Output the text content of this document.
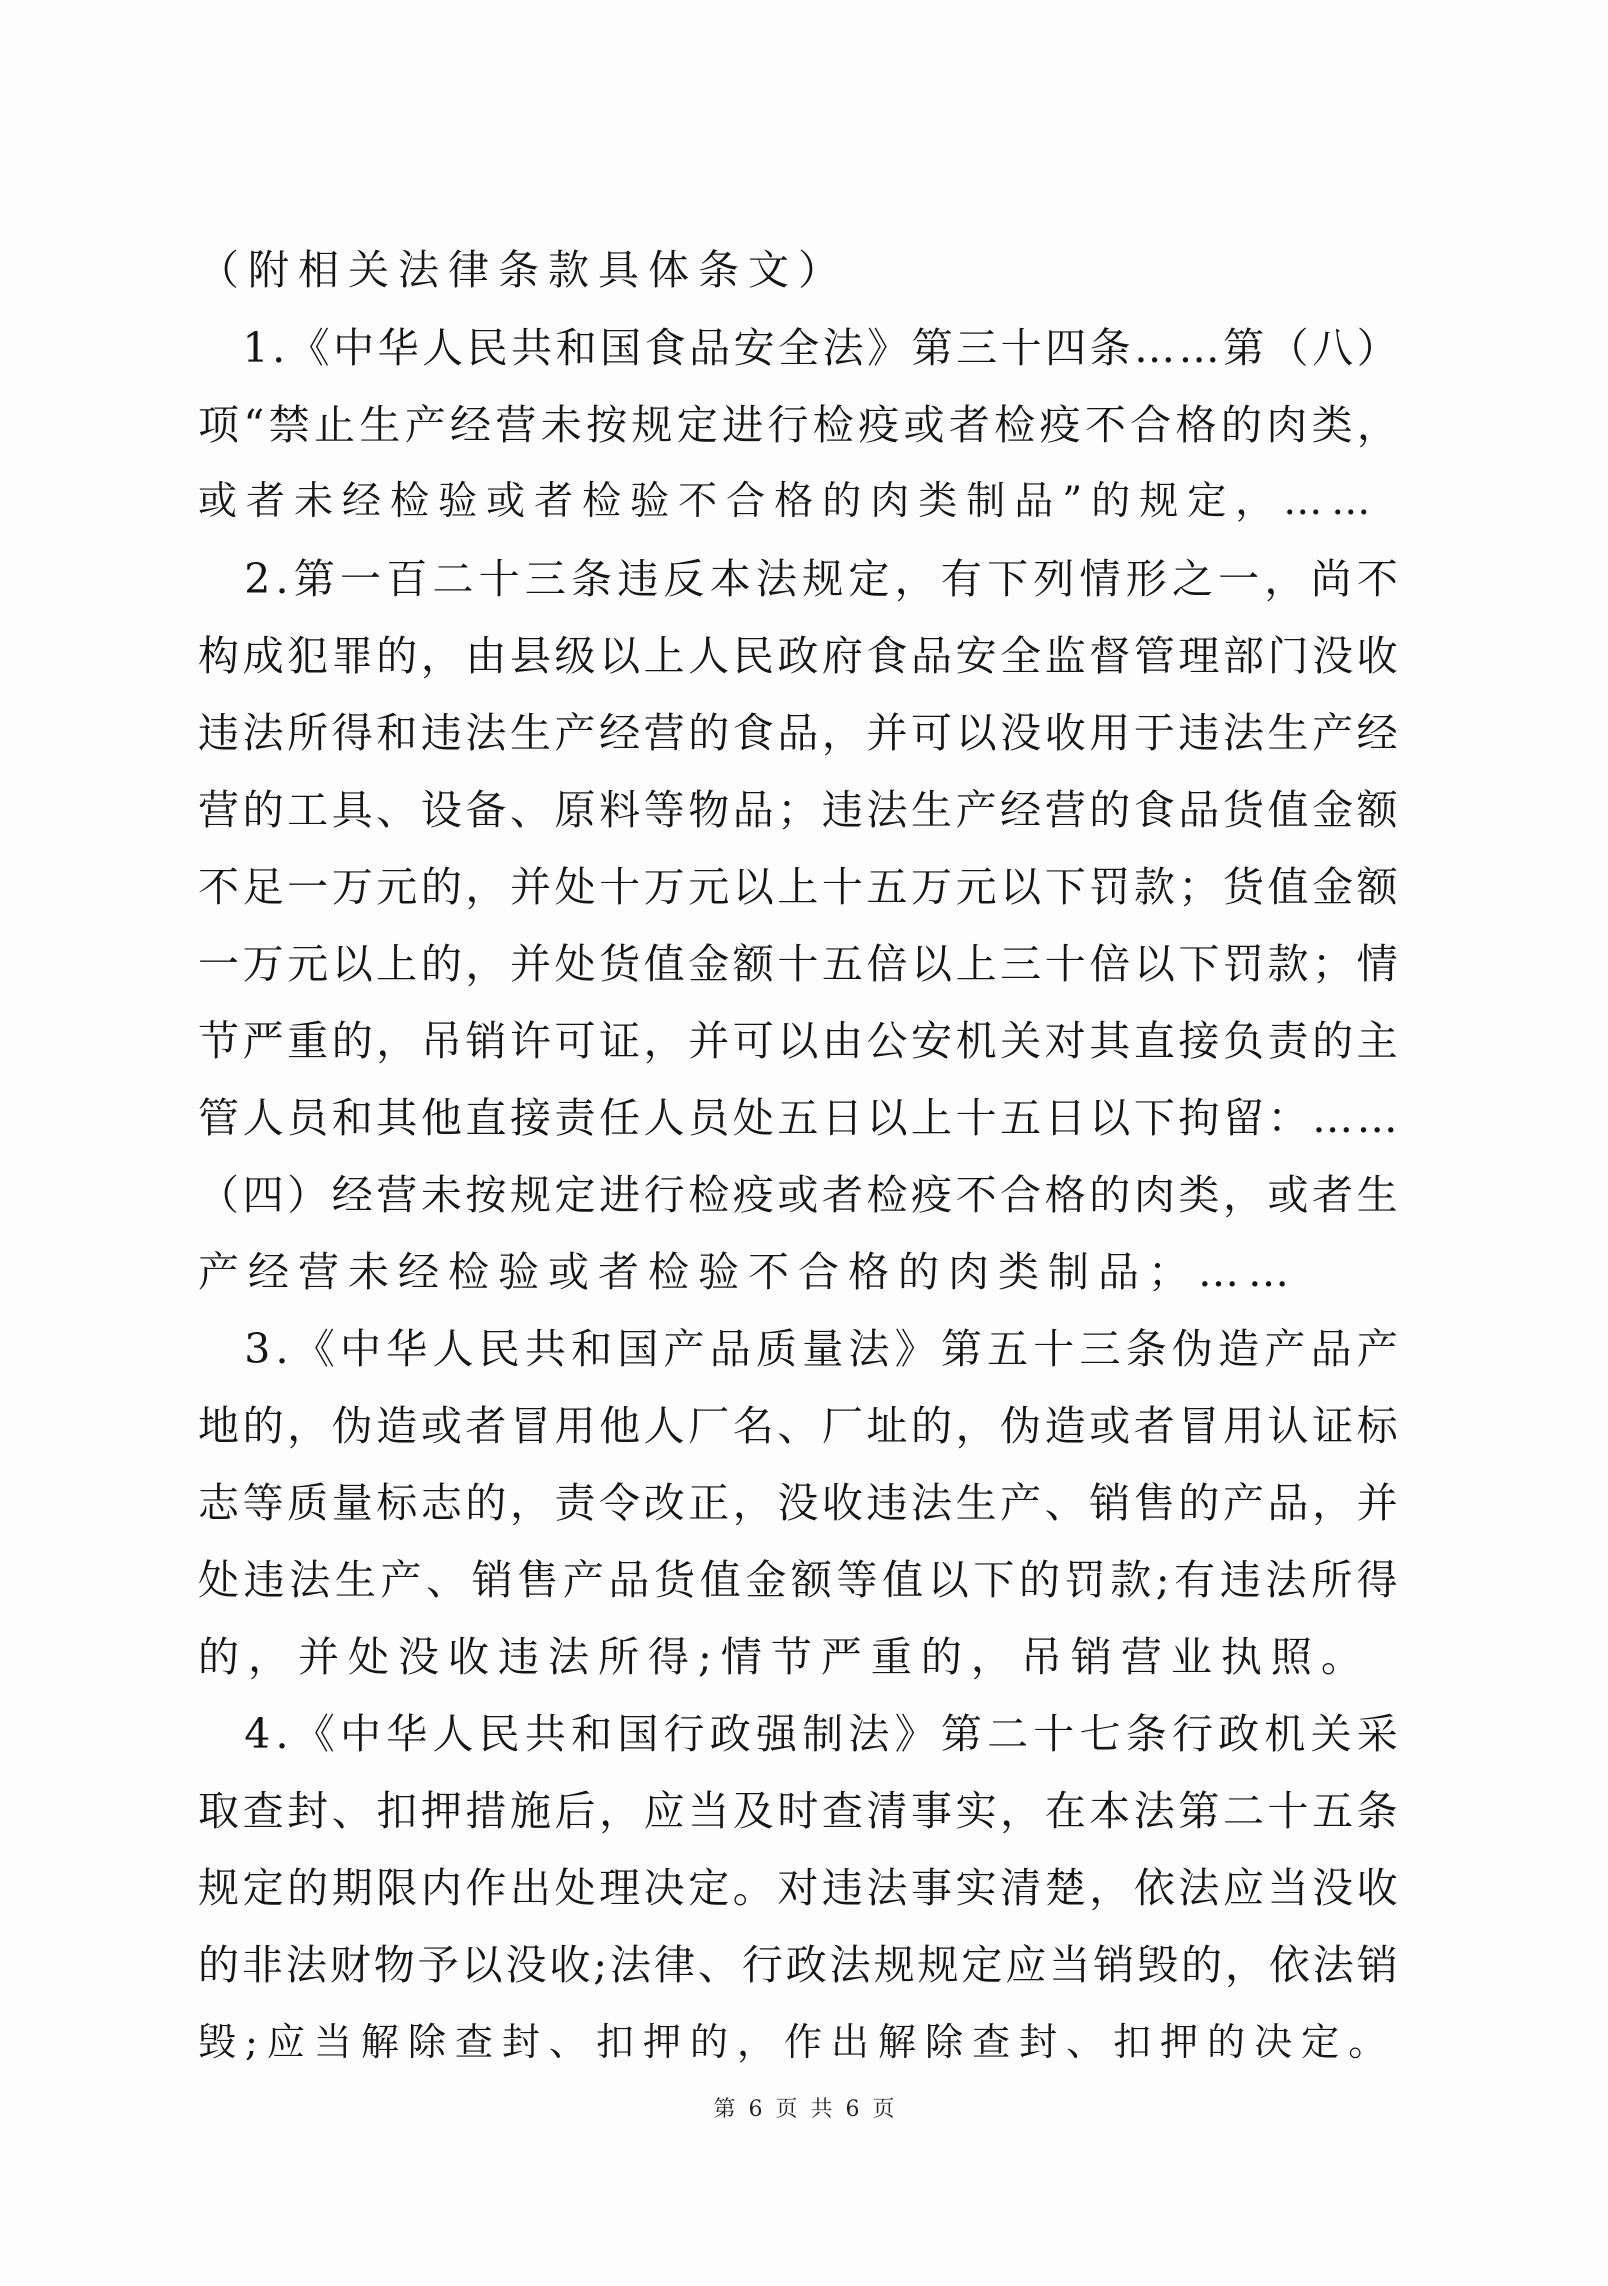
（ 附 相 关 法 律 条 款 具 体 条 文 ）

1 . 《 中 华 人 民 共 和 国 食 品 安 全 法 》 第 三 十 四 条 … … 第 （ 八 ）
项 “ 禁 止 生 产 经 营 未 按 规 定 进 行 检 疫 或 者 检 疫 不 合 格 的 肉 类 ，
或 者 未 经 检 验 或 者 检 验 不 合 格 的 肉 类 制 品 ” 的 规 定 ， … …

2 . 第 一 百 二 十 三 条 违 反 本 法 规 定 ， 有 下 列 情 形 之 一 ， 尚 不
构 成 犯 罪 的 ， 由 县 级 以 上 人 民 政 府 食 品 安 全 监 督 管 理 部 门 没 收
违 法 所 得 和 违 法 生 产 经 营 的 食 品 ， 并 可 以 没 收 用 于 违 法 生 产 经
营 的 工 具 、 设 备 、 原 料 等 物 品 ； 违 法 生 产 经 营 的 食 品 货 值 金 额
不 足 一 万 元 的 ， 并 处 十 万 元 以 上 十 五 万 元 以 下 罚 款 ； 货 值 金 额
一 万 元 以 上 的 ， 并 处 货 值 金 额 十 五 倍 以 上 三 十 倍 以 下 罚 款 ； 情
节 严 重 的 ， 吊 销 许 可 证 ， 并 可 以 由 公 安 机 关 对 其 直 接 负 责 的 主
管 人 员 和 其 他 直 接 责 任 人 员 处 五 日 以 上 十 五 日 以 下 拘 留 ： … …
（ 四 ） 经 营 未 按 规 定 进 行 检 疫 或 者 检 疫 不 合 格 的 肉 类 ， 或 者 生
产 经 营 未 经 检 验 或 者 检 验 不 合 格 的 肉 类 制 品 ； … …

3 . 《 中 华 人 民 共 和 国 产 品 质 量 法 》 第 五 十 三 条 伪 造 产 品 产
地 的 ， 伪 造 或 者 冒 用 他 人 厂 名 、 厂 址 的 ， 伪 造 或 者 冒 用 认 证 标
志 等 质 量 标 志 的 ， 责 令 改 正 ， 没 收 违 法 生 产 、 销 售 的 产 品 ， 并
处 违 法 生 产 、 销 售 产 品 货 值 金 额 等 值 以 下 的 罚 款 ; 有 违 法 所 得
的 ， 并 处 没 收 违 法 所 得 ; 情 节 严 重 的 ， 吊 销 营 业 执 照 。

4 . 《 中 华 人 民 共 和 国 行 政 强 制 法 》 第 二 十 七 条 行 政 机 关 采
取 查 封 、 扣 押 措 施 后 ， 应 当 及 时 查 清 事 实 ， 在 本 法 第 二 十 五 条
规 定 的 期 限 内 作 出 处 理 决 定 。 对 违 法 事 实 清 楚 ， 依 法 应 当 没 收
的 非 法 财 物 予 以 没 收 ; 法 律 、 行 政 法 规 规 定 应 当 销 毁 的 ， 依 法 销
毁 ; 应 当 解 除 查 封 、 扣 押 的 ， 作 出 解 除 查 封 、 扣 押 的 决 定 。
第 6 页 共 6 页
